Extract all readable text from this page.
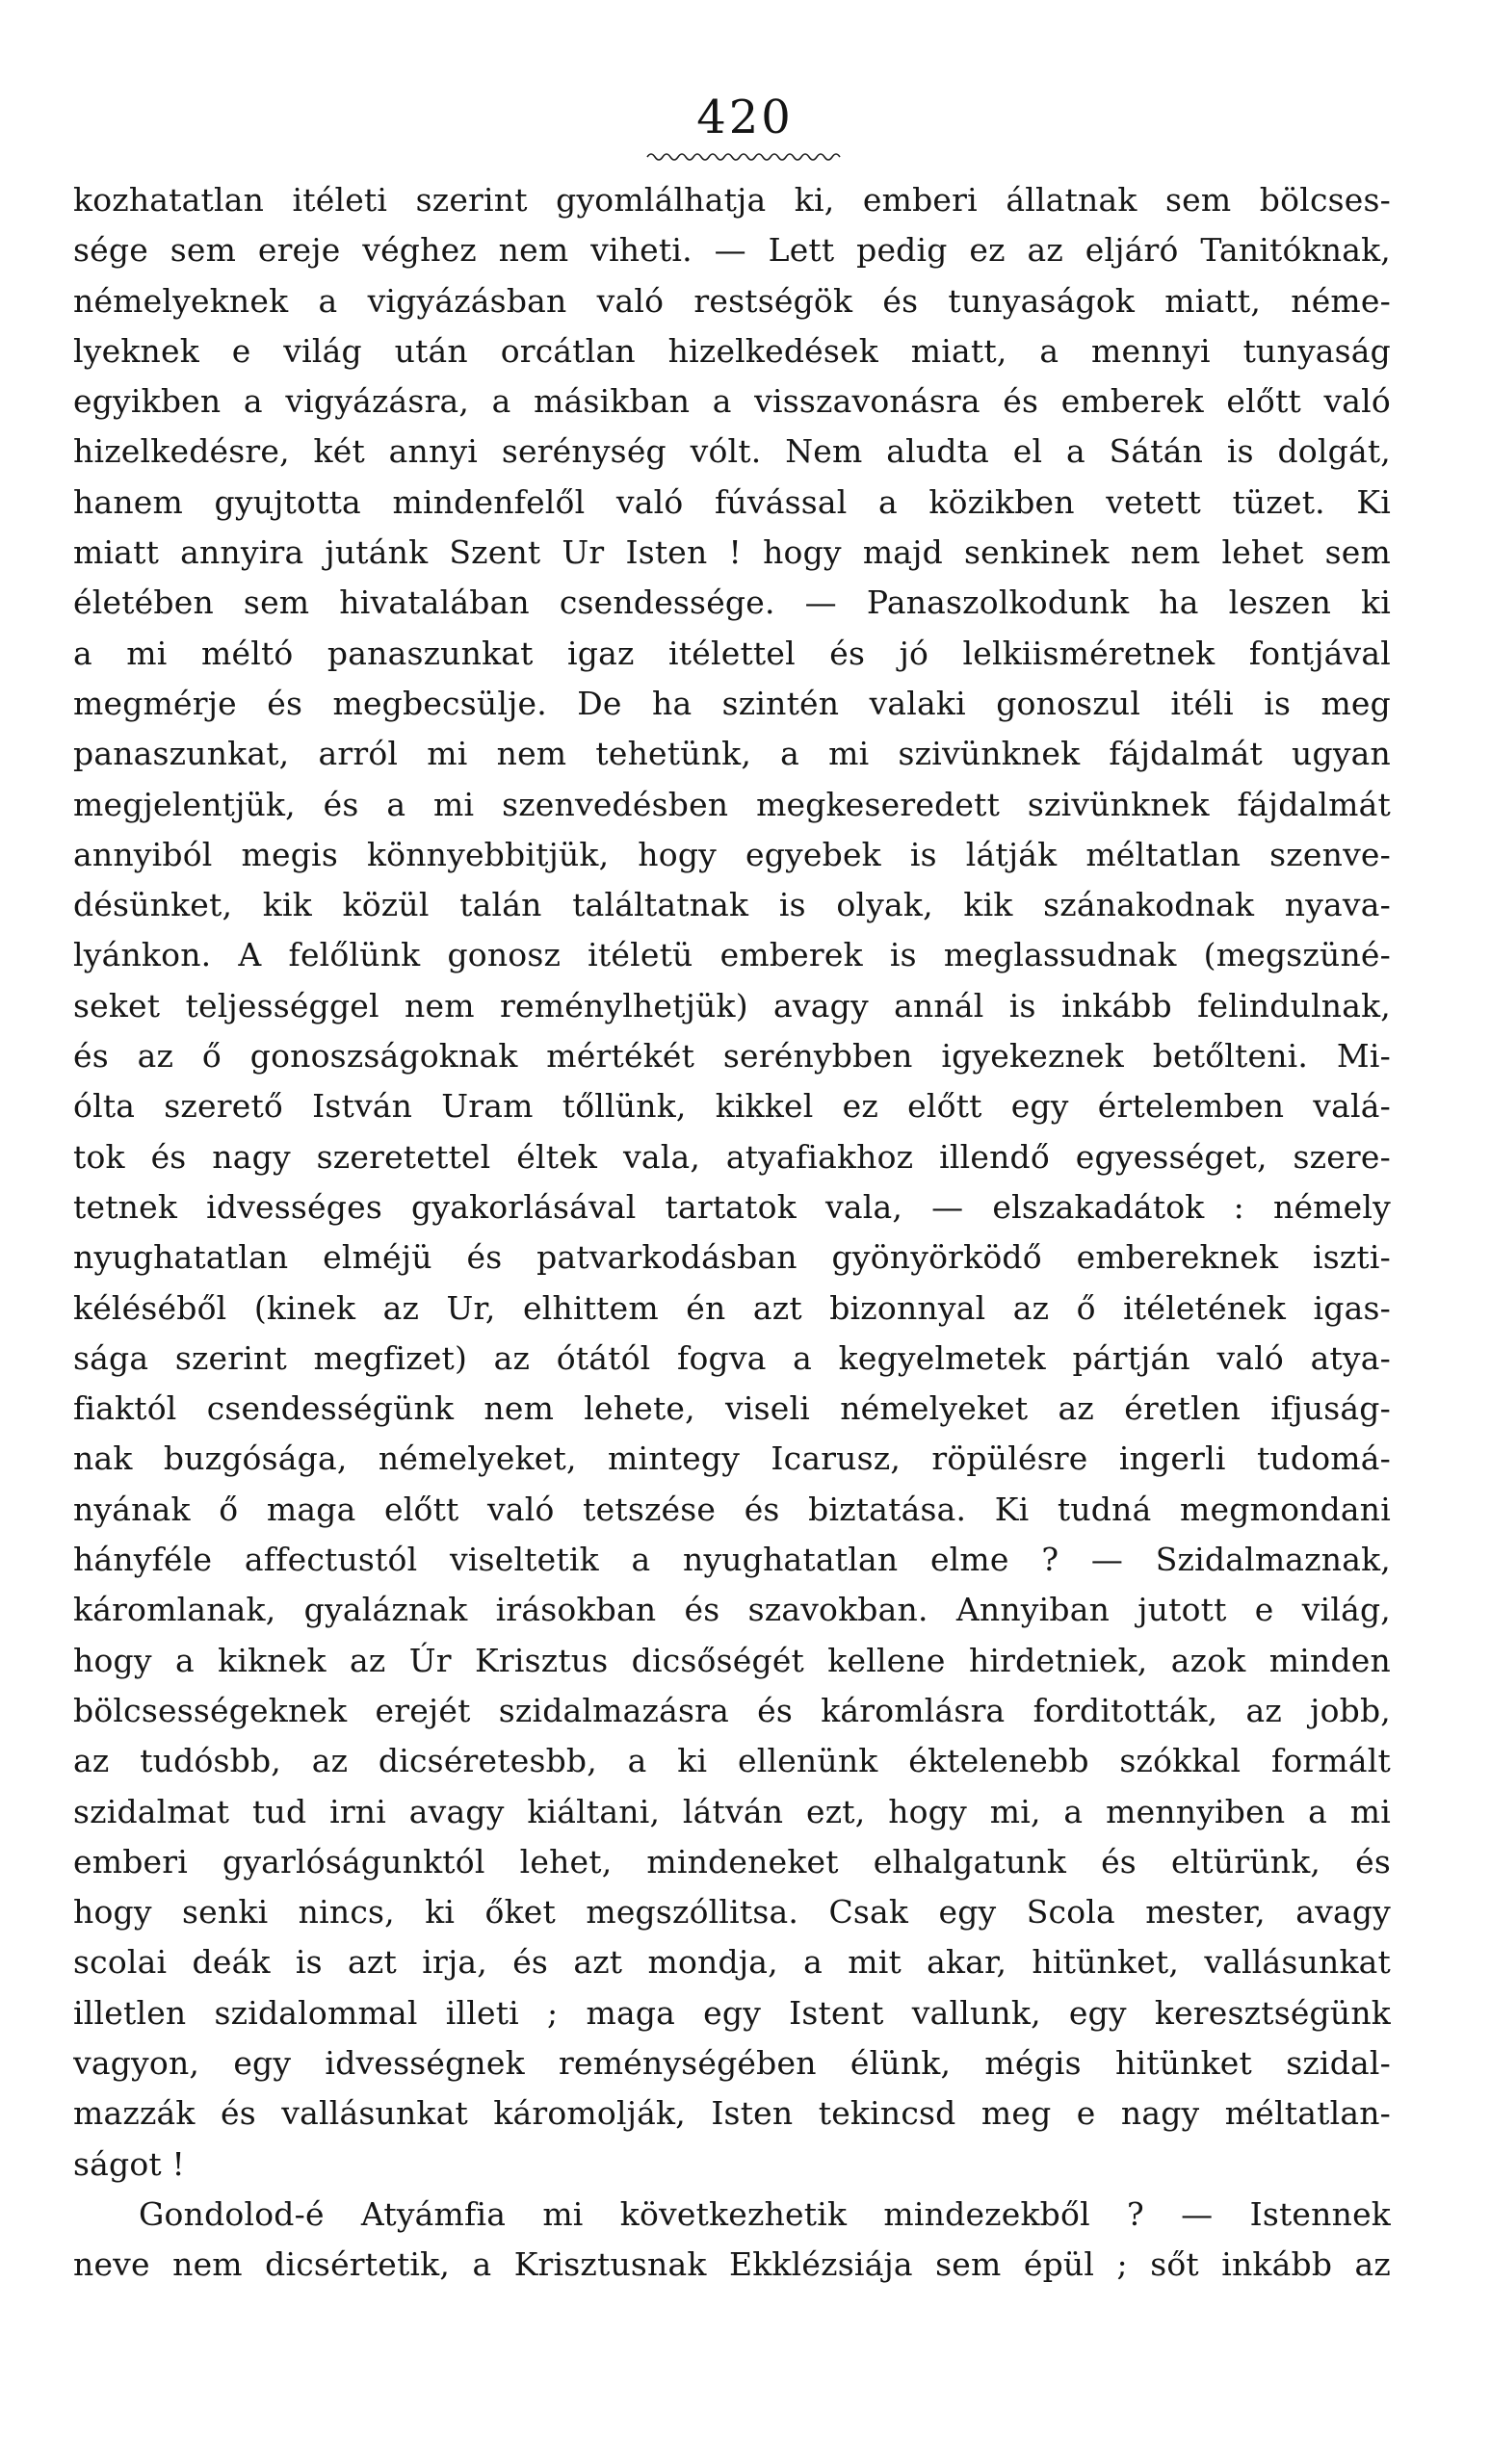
420
kozhatatlan itéleti szerint gyomlálhatja ki, emberi állatnak sem bölcses-
sége sem ereje véghez nem viheti. — Lett pedig ez az eljáró Tanitóknak,
némelyeknek a vigyázásban való restségök és tunyaságok miatt, néme-
lyeknek e világ után orcátlan hizelkedések miatt, a mennyi tunyaság
egyikben a vigyázásra, a másikban a visszavonásra és emberek előtt való
hizelkedésre, két annyi serénység vólt. Nem aludta el a Sátán is dolgát,
hanem gyujtotta mindenfelől való fúvással a közikben vetett tüzet. Ki
miatt annyira jutánk Szent Ur Isten ! hogy majd senkinek nem lehet sem
életében sem hivatalában csendessége. — Panaszolkodunk ha leszen ki
a mi méltó panaszunkat igaz itélettel és jó lelkiisméretnek fontjával
megmérje és megbecsülje. De ha szintén valaki gonoszul itéli is meg
panaszunkat, arról mi nem tehetünk, a mi szivünknek fájdalmát ugyan
megjelentjük, és a mi szenvedésben megkeseredett szivünknek fájdalmát
annyiból megis könnyebbitjük, hogy egyebek is látják méltatlan szenve-
désünket, kik közül talán találtatnak is olyak, kik szánakodnak nyava-
lyánkon. A felőlünk gonosz itéletü emberek is meglassudnak (megszüné-
seket teljességgel nem reménylhetjük) avagy annál is inkább felindulnak,
és az ő gonoszságoknak mértékét serénybben igyekeznek betőlteni. Mi-
ólta szerető István Uram tőllünk, kikkel ez előtt egy értelemben valá-
tok és nagy szeretettel éltek vala, atyafiakhoz illendő egyességet, szere-
tetnek idvességes gyakorlásával tartatok vala, — elszakadátok : némely
nyughatatlan elméjü és patvarkodásban gyönyörködő embereknek iszti-
kéléséből (kinek az Ur, elhittem én azt bizonnyal az ő itéletének igas-
sága szerint megfizet) az ótától fogva a kegyelmetek pártján való atya-
fiaktól csendességünk nem lehete, viseli némelyeket az éretlen ifjuság-
nak buzgósága, némelyeket, mintegy Icarusz, röpülésre ingerli tudomá-
nyának ő maga előtt való tetszése és biztatása. Ki tudná megmondani
hányféle affectustól viseltetik a nyughatatlan elme ? — Szidalmaznak,
káromlanak, gyaláznak irásokban és szavokban. Annyiban jutott e világ,
hogy a kiknek az Úr Krisztus dicsőségét kellene hirdetniek, azok minden
bölcsességeknek erejét szidalmazásra és káromlásra forditották, az jobb,
az tudósbb, az dicséretesbb, a ki ellenünk éktelenebb szókkal formált
szidalmat tud irni avagy kiáltani, látván ezt, hogy mi, a mennyiben a mi
emberi gyarlóságunktól lehet, mindeneket elhalgatunk és eltürünk, és
hogy senki nincs, ki őket megszóllitsa. Csak egy Scola mester, avagy
scolai deák is azt irja, és azt mondja, a mit akar, hitünket, vallásunkat
illetlen szidalommal illeti ; maga egy Istent vallunk, egy keresztségünk
vagyon, egy idvességnek reménységében élünk, mégis hitünket szidal-
mazzák és vallásunkat káromolják, Isten tekincsd meg e nagy méltatlan-
ságot !
Gondolod-é Atyámfia mi következhetik mindezekből ? — Istennek
neve nem dicsértetik, a Krisztusnak Ekklézsiája sem épül ; sőt inkább az
